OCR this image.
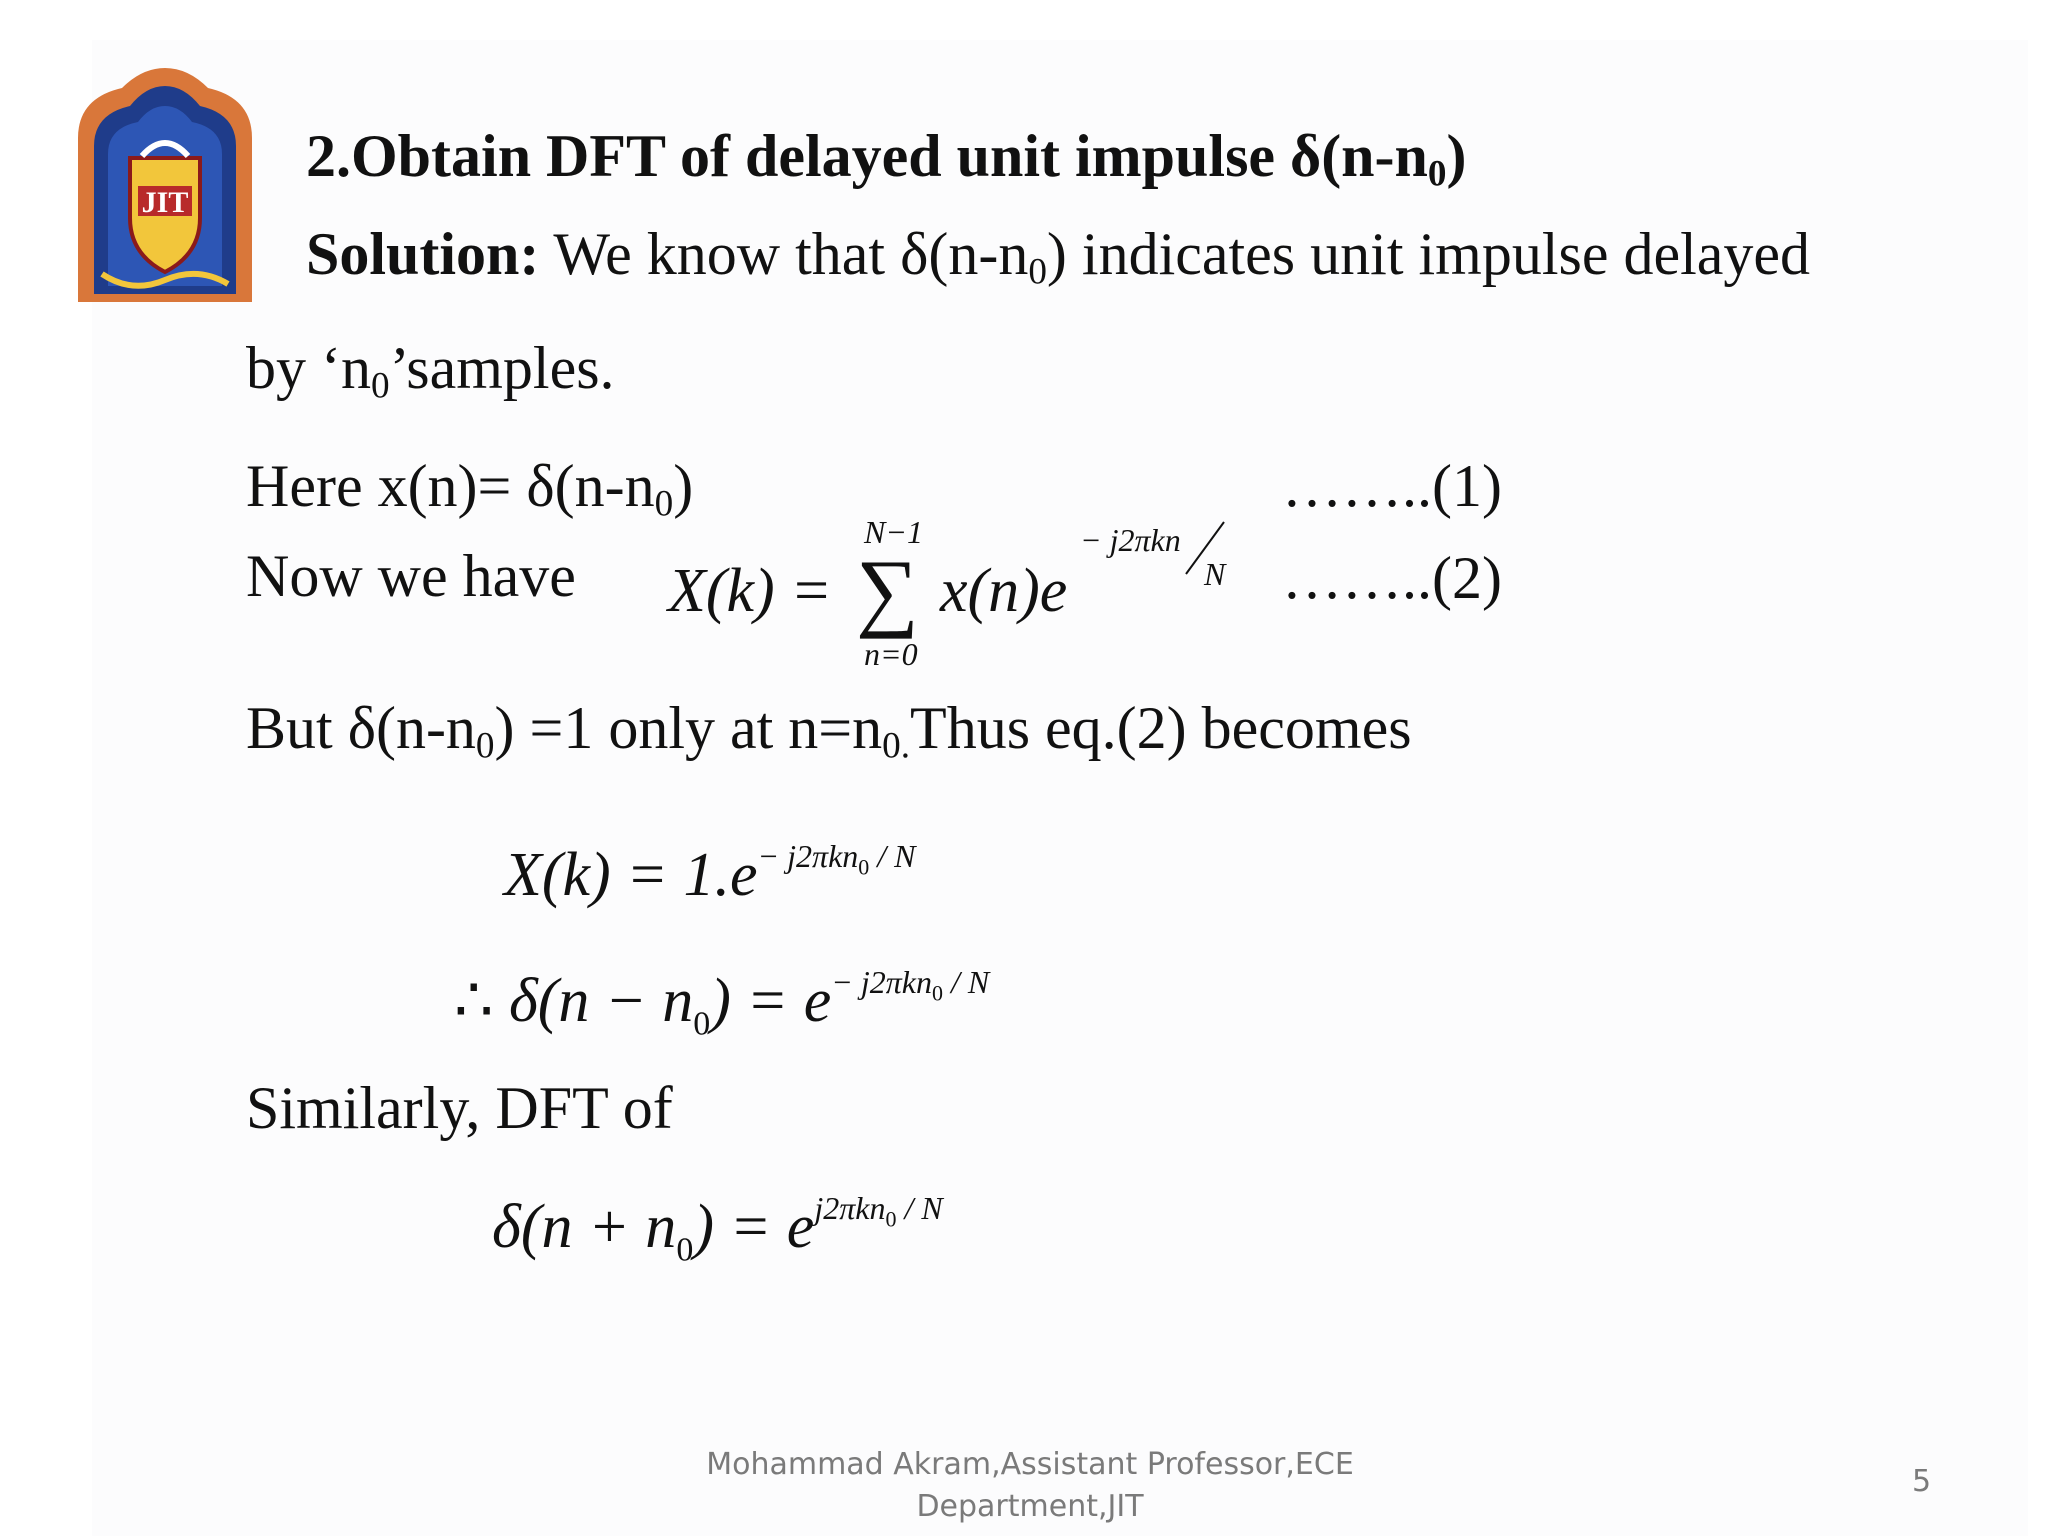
JIT
2.Obtain DFT of delayed unit impulse $\delta(n-n_0)$
Solution: We know that $\delta(n-n_0)$ indicates unit impulse delayed
by ‘$n_0’samples$.
Here $x(n)= \delta(n-n_0)$	……..(1)
Now we have X(k) =
N−1
∑
n=0
x(n)e
− j2πkn
N ……..(2)
But $\delta(n-n_0) =1$ only at $n=n_{0.}Thus$ eq.(2) becomes
$X(k) = 1.e^{- j2\pi kn_0 / N}$
∴ $\delta(n - n_0) = e^{- j2\pi kn_0 / N}$
Similarly, DFT of
$\delta(n + n_0) = e^{j2\pi kn_0 / N}$
Mohammad Akram,Assistant Professor,ECE
Department,JIT
5
